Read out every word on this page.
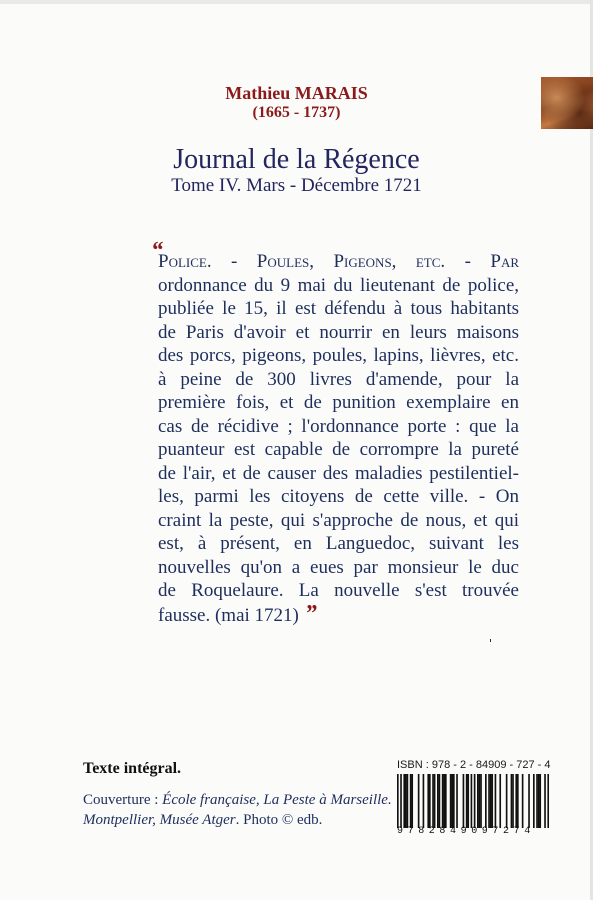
Mathieu MARAIS
(1665 - 1737)
Journal de la Régence
Tome IV. Mars - Décembre 1721
“
Police. - Poules, Pigeons, etc. - Par
ordonnance du 9 mai du lieutenant de police,
publiée le 15, il est défendu à tous habitants
de Paris d'avoir et nourrir en leurs maisons
des porcs, pigeons, poules, lapins, lièvres, etc.
à peine de 300 livres d'amende, pour la
première fois, et de punition exemplaire en
cas de récidive ; l'ordonnance porte : que la
puanteur est capable de corrompre la pureté
de l'air, et de causer des maladies pestilentiel-
les, parmi les citoyens de cette ville. - On
craint la peste, qui s'approche de nous, et qui
est, à présent, en Languedoc, suivant les
nouvelles qu'on a eues par monsieur le duc
de Roquelaure. La nouvelle s'est trouvée
fausse. (mai 1721) ”
Texte intégral.
Couverture : École française, La Peste à Marseille.
Montpellier, Musée Atger. Photo © edb.
ISBN : 978 - 2 - 84909 - 727 - 4
9782849097274
